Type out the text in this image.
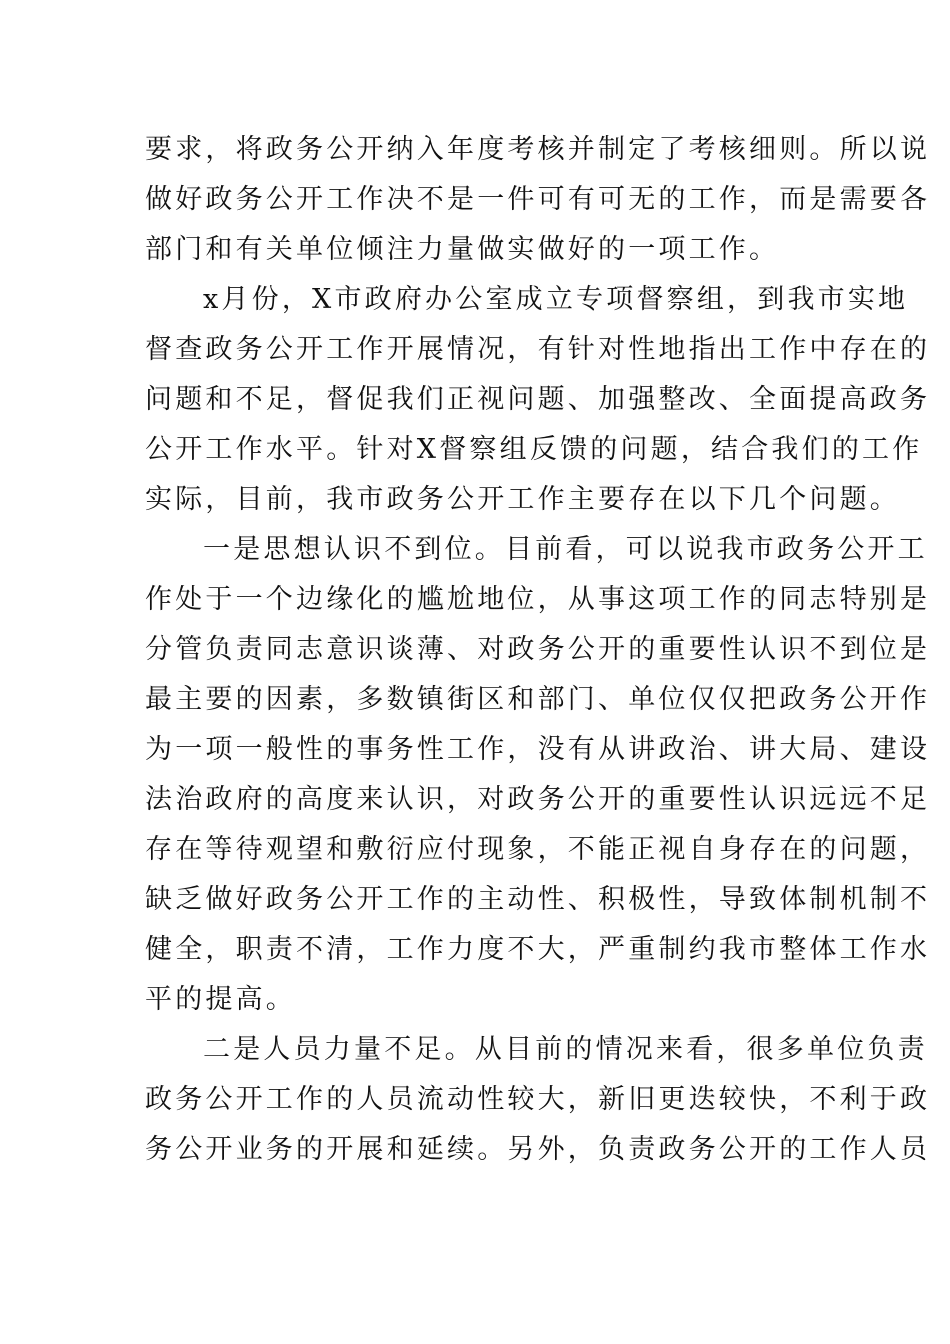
要求，将政务公开纳入年度考核并制定了考核细则。所以说
做好政务公开工作决不是一件可有可无的工作，而是需要各
部门和有关单位倾注力量做实做好的一项工作。
x月份，X市政府办公室成立专项督察组，到我市实地
督查政务公开工作开展情况，有针对性地指出工作中存在的
问题和不足，督促我们正视问题、加强整改、全面提高政务
公开工作水平。针对X督察组反馈的问题，结合我们的工作
实际，目前，我市政务公开工作主要存在以下几个问题。
一是思想认识不到位。目前看，可以说我市政务公开工
作处于一个边缘化的尴尬地位，从事这项工作的同志特别是
分管负责同志意识谈薄、对政务公开的重要性认识不到位是
最主要的因素，多数镇街区和部门、单位仅仅把政务公开作
为一项一般性的事务性工作，没有从讲政治、讲大局、建设
法治政府的高度来认识，对政务公开的重要性认识远远不足
存在等待观望和敷衍应付现象，不能正视自身存在的问题，
缺乏做好政务公开工作的主动性、积极性，导致体制机制不
健全，职责不清，工作力度不大，严重制约我市整体工作水
平的提高。
二是人员力量不足。从目前的情况来看，很多单位负责
政务公开工作的人员流动性较大，新旧更迭较快，不利于政
务公开业务的开展和延续。另外，负责政务公开的工作人员
